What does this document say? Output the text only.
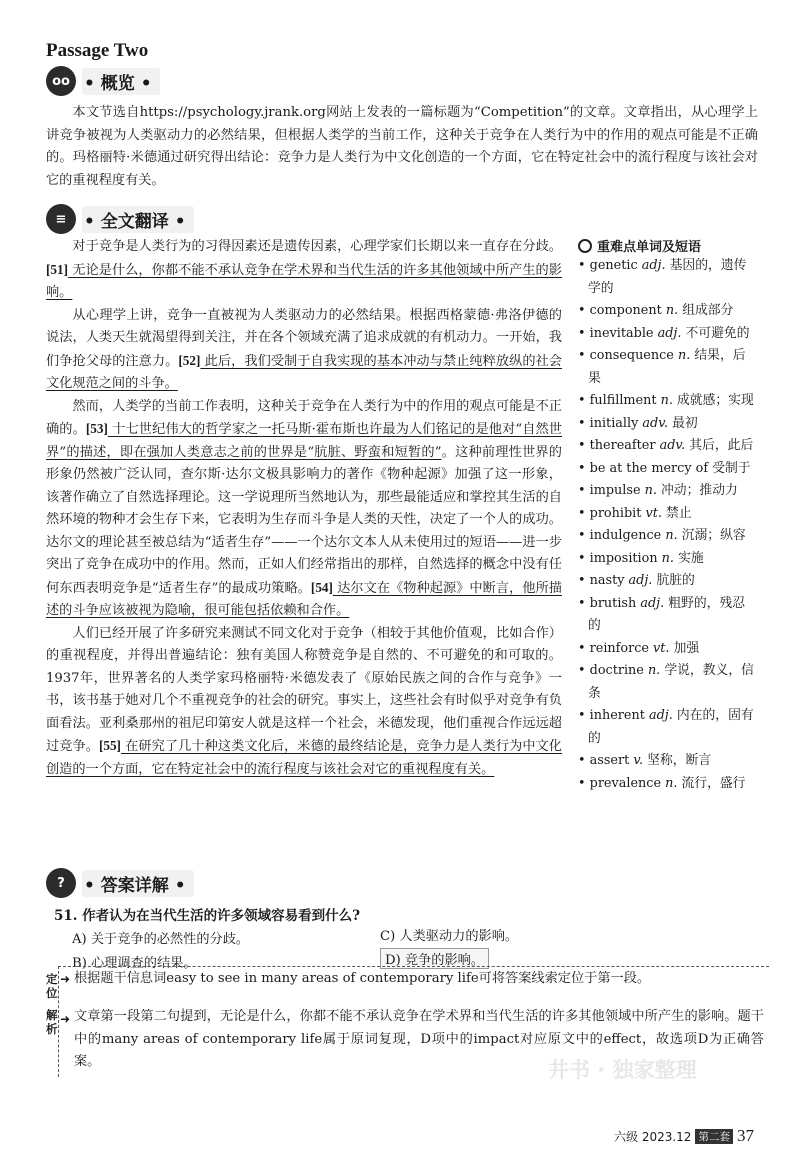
Passage Two
oo • 概览 •

本文节选自https://psychology.jrank.org网站上发表的一篇标题为“Competition”的文章。文章指出，从心理学上讲竞争被视为人类驱动力的必然结果，但根据人类学的当前工作，这种关于竞争在人类行为中的作用的观点可能是不正确的。玛格丽特·米德通过研究得出结论：竞争力是人类行为中文化创造的一个方面，它在特定社会中的流行程度与该社会对它的重视程度有关。

≡	• 全文翻译 •

对于竞争是人类行为的习得因素还是遗传因素，心理学家们长期以来一直存在分歧。[51] 无论是什么，你都不能不承认竞争在学术界和当代生活的许多其他领域中所产生的影响。

从心理学上讲，竞争一直被视为人类驱动力的必然结果。根据西格蒙德·弗洛伊德的说法，人类天生就渴望得到关注，并在各个领域充满了追求成就的有机动力。一开始，我们争抢父母的注意力。[52] 此后，我们受制于自我实现的基本冲动与禁止纯粹放纵的社会文化规范之间的斗争。

然而，人类学的当前工作表明，这种关于竞争在人类行为中的作用的观点可能是不正确的。[53] 十七世纪伟大的哲学家之一托马斯·霍布斯也许最为人们铭记的是他对“自然世界”的描述，即在强加人类意志之前的世界是“肮脏、野蛮和短暂的”。这种前理性世界的形象仍然被广泛认同，查尔斯·达尔文极具影响力的著作《物种起源》加强了这一形象，该著作确立了自然选择理论。这一学说理所当然地认为，那些最能适应和掌控其生活的自然环境的物种才会生存下来，它表明为生存而斗争是人类的天性，决定了一个人的成功。达尔文的理论甚至被总结为“适者生存”——一个达尔文本人从未使用过的短语——进一步突出了竞争在成功中的作用。然而，正如人们经常指出的那样，自然选择的概念中没有任何东西表明竞争是“适者生存”的最成功策略。[54] 达尔文在《物种起源》中断言，他所描述的斗争应该被视为隐喻，很可能包括依赖和合作。

人们已经开展了许多研究来测试不同文化对于竞争（相较于其他价值观，比如合作）的重视程度，并得出普遍结论：独有美国人称赞竞争是自然的、不可避免的和可取的。1937年，世界著名的人类学家玛格丽特·米德发表了《原始民族之间的合作与竞争》一书，该书基于她对几个不重视竞争的社会的研究。事实上，这些社会有时似乎对竞争有负面看法。亚利桑那州的祖尼印第安人就是这样一个社会，米德发现，他们重视合作远远超过竞争。[55] 在研究了几十种这类文化后，米德的最终结论是，竞争力是人类行为中文化创造的一个方面，它在特定社会中的流行程度与该社会对它的重视程度有关。

重难点单词及短语
• genetic adj. 基因的，遗传学的
• component n. 组成部分
• inevitable adj. 不可避免的
• consequence n. 结果，后果
• fulfillment n. 成就感；实现
• initially adv. 最初
• thereafter adv. 其后，此后
• be at the mercy of 受制于
• impulse n. 冲动；推动力
• prohibit vt. 禁止
• indulgence n. 沉溺；纵容
• imposition n. 实施
• nasty adj. 肮脏的
• brutish adj. 粗野的，残忍的
• reinforce vt. 加强
• doctrine n. 学说，教义，信条
• inherent adj. 内在的，固有的
• assert v. 坚称，断言
• prevalence n. 流行，盛行
?	• 答案详解 •
51. 作者认为在当代生活的许多领域容易看到什么?
A) 关于竞争的必然性的分歧。	C) 人类驱动力的影响。
B) 心理调查的结果。	D) 竞争的影响。
定位
➜ 根据题干信息词easy to see in many areas of contemporary life可将答案线索定位于第一段。
解析
➜ 文章第一段第二句提到，无论是什么，你都不能不承认竞争在学术界和当代生活的许多其他领域中所产生的影响。题干中的many areas of contemporary life属于原词复现，D项中的impact对应原文中的effect，故选项D为正确答案。	井书 · 独家整理
六级 2023.12 第二套 37
